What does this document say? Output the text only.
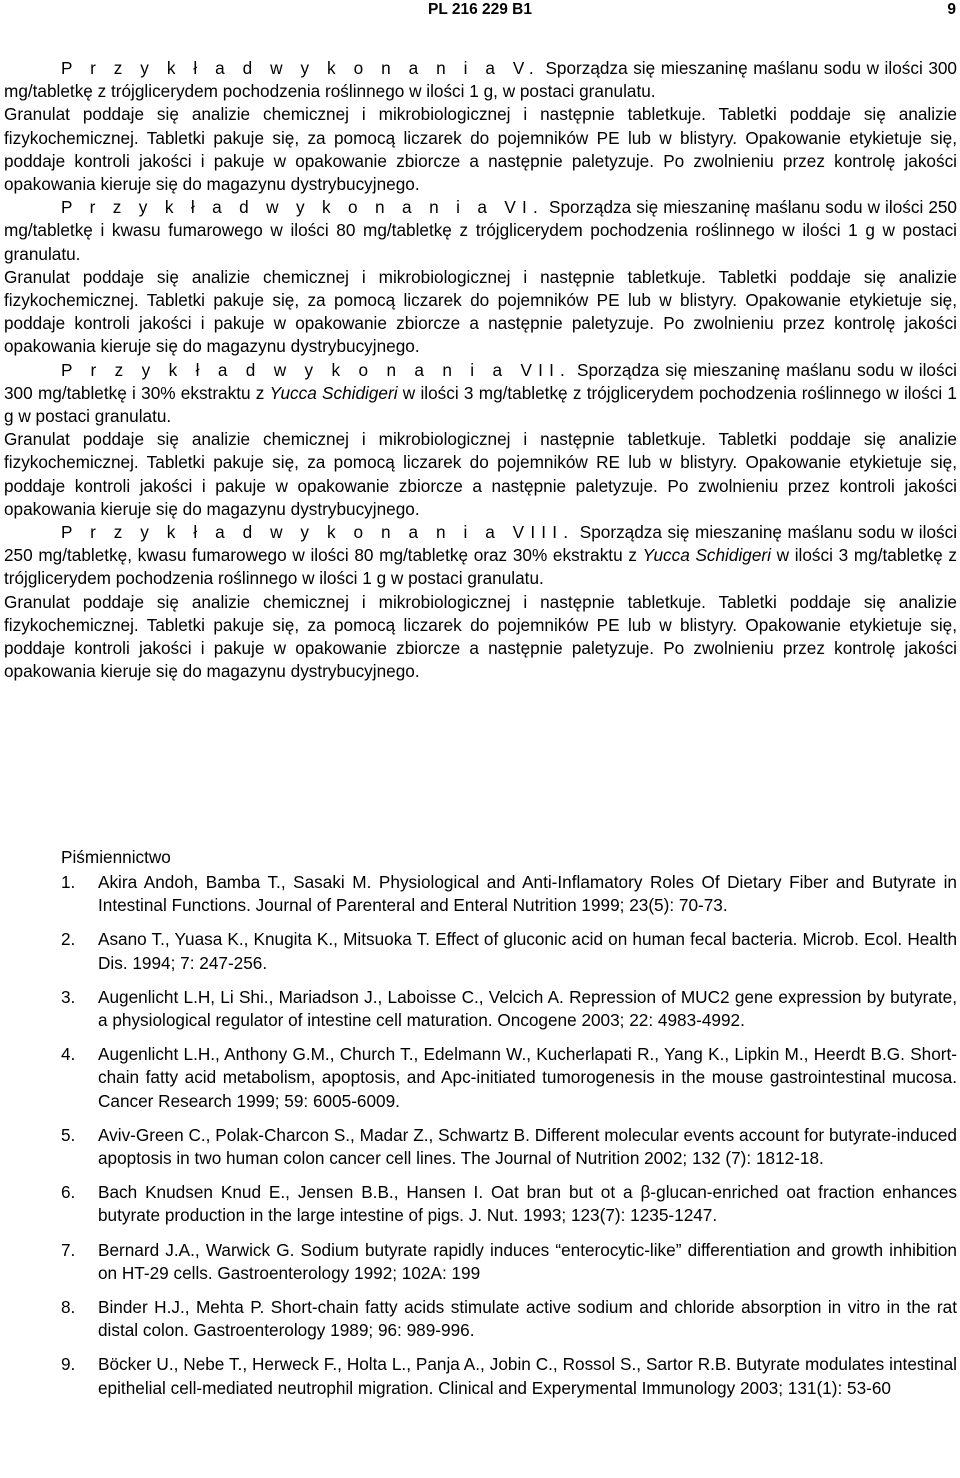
PL 216 229 B1	9

P r z y k ł a d w y k o n a n i a V. Sporządza się mieszaninę maślanu sodu w ilości 300 mg/tabletkę z trójglicerydem pochodzenia roślinnego w ilości 1 g, w postaci granulatu.

Granulat poddaje się analizie chemicznej i mikrobiologicznej i następnie tabletkuje. Tabletki poddaje się analizie fizykochemicznej. Tabletki pakuje się, za pomocą liczarek do pojemników PE lub w blistyry. Opakowanie etykietuje się, poddaje kontroli jakości i pakuje w opakowanie zbiorcze a następnie paletyzuje. Po zwolnieniu przez kontrolę jakości opakowania kieruje się do magazynu dystrybucyjnego.

P r z y k ł a d w y k o n a n i a VI. Sporządza się mieszaninę maślanu sodu w ilości 250 mg/tabletkę i kwasu fumarowego w ilości 80 mg/tabletkę z trójglicerydem pochodzenia roślinnego w ilości 1 g w postaci granulatu.

Granulat poddaje się analizie chemicznej i mikrobiologicznej i następnie tabletkuje. Tabletki poddaje się analizie fizykochemicznej. Tabletki pakuje się, za pomocą liczarek do pojemników PE lub w blistyry. Opakowanie etykietuje się, poddaje kontroli jakości i pakuje w opakowanie zbiorcze a następnie paletyzuje. Po zwolnieniu przez kontrolę jakości opakowania kieruje się do magazynu dystrybucyjnego.

P r z y k ł a d w y k o n a n i a VII. Sporządza się mieszaninę maślanu sodu w ilości 300 mg/tabletkę i 30% ekstraktu z Yucca Schidigeri w ilości 3 mg/tabletkę z trójglicerydem pochodzenia roślinnego w ilości 1 g w postaci granulatu.

Granulat poddaje się analizie chemicznej i mikrobiologicznej i następnie tabletkuje. Tabletki poddaje się analizie fizykochemicznej. Tabletki pakuje się, za pomocą liczarek do pojemników RE lub w blistyry. Opakowanie etykietuje się, poddaje kontroli jakości i pakuje w opakowanie zbiorcze a następnie paletyzuje. Po zwolnieniu przez kontroli jakości opakowania kieruje się do magazynu dystrybucyjnego.

P r z y k ł a d w y k o n a n i a VIII. Sporządza się mieszaninę maślanu sodu w ilości 250 mg/tabletkę, kwasu fumarowego w ilości 80 mg/tabletkę oraz 30% ekstraktu z Yucca Schidigeri w ilości 3 mg/tabletkę z trójglicerydem pochodzenia roślinnego w ilości 1 g w postaci granulatu.

Granulat poddaje się analizie chemicznej i mikrobiologicznej i następnie tabletkuje. Tabletki poddaje się analizie fizykochemicznej. Tabletki pakuje się, za pomocą liczarek do pojemników PE lub w blistyry. Opakowanie etykietuje się, poddaje kontroli jakości i pakuje w opakowanie zbiorcze a następnie paletyzuje. Po zwolnieniu przez kontrolę jakości opakowania kieruje się do magazynu dystrybucyjnego.

Piśmiennictwo
1. Akira Andoh, Bamba T., Sasaki M. Physiological and Anti-Inflamatory Roles Of Dietary Fiber and Butyrate in Intestinal Functions. Journal of Parenteral and Enteral Nutrition 1999; 23(5): 70-73.
2. Asano T., Yuasa K., Knugita K., Mitsuoka T. Effect of gluconic acid on human fecal bacteria. Microb. Ecol. Health Dis. 1994; 7: 247-256.
3. Augenlicht L.H, Li Shi., Mariadson J., Laboisse C., Velcich A. Repression of MUC2 gene expression by butyrate, a physiological regulator of intestine cell maturation. Oncogene 2003; 22: 4983-4992.
4. Augenlicht L.H., Anthony G.M., Church T., Edelmann W., Kucherlapati R., Yang K., Lipkin M., Heerdt B.G. Short-chain fatty acid metabolism, apoptosis, and Apc-initiated tumorogenesis in the mouse gastrointestinal mucosa. Cancer Research 1999; 59: 6005-6009.
5. Aviv-Green C., Polak-Charcon S., Madar Z., Schwartz B. Different molecular events account for butyrate-induced apoptosis in two human colon cancer cell lines. The Journal of Nutrition 2002; 132 (7): 1812-18.
6. Bach Knudsen Knud E., Jensen B.B., Hansen I. Oat bran but ot a β-glucan-enriched oat fraction enhances butyrate production in the large intestine of pigs. J. Nut. 1993; 123(7): 1235-1247.
7. Bernard J.A., Warwick G. Sodium butyrate rapidly induces “enterocytic-like” differentiation and growth inhibition on HT-29 cells. Gastroenterology 1992; 102A: 199
8. Binder H.J., Mehta P. Short-chain fatty acids stimulate active sodium and chloride absorption in vitro in the rat distal colon. Gastroenterology 1989; 96: 989-996.
9. Böcker U., Nebe T., Herweck F., Holta L., Panja A., Jobin C., Rossol S., Sartor R.B. Butyrate modulates intestinal epithelial cell-mediated neutrophil migration. Clinical and Experymental Immunology 2003; 131(1): 53-60
